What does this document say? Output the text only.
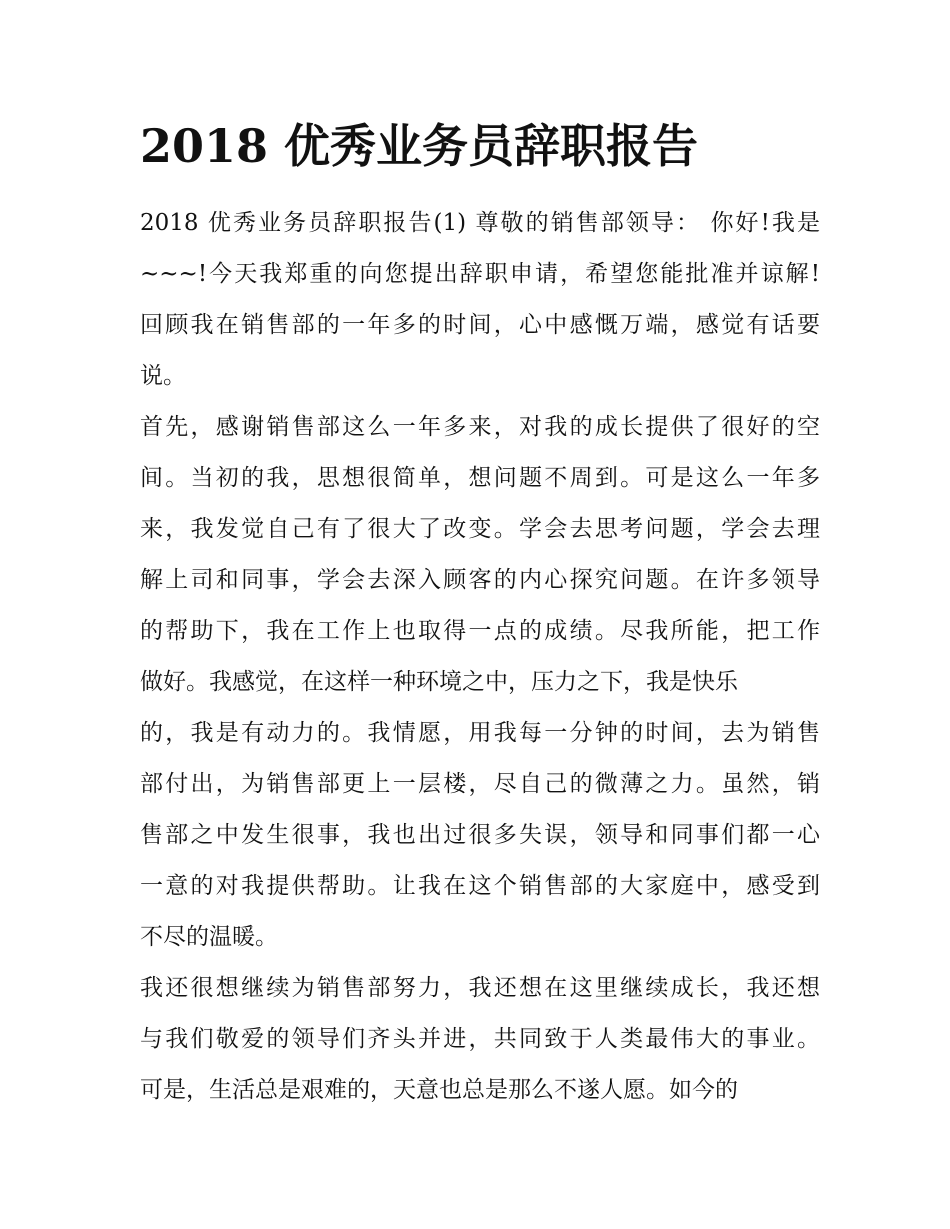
2018 优秀业务员辞职报告
2018 优秀业务员辞职报告(1) 尊敬的销售部领导： 你好!我是
~~~!今天我郑重的向您提出辞职申请，希望您能批准并谅解!
回顾我在销售部的一年多的时间，心中感慨万端，感觉有话要
说。
首先，感谢销售部这么一年多来，对我的成长提供了很好的空
间。当初的我，思想很简单，想问题不周到。可是这么一年多
来，我发觉自己有了很大了改变。学会去思考问题，学会去理
解上司和同事，学会去深入顾客的内心探究问题。在许多领导
的帮助下，我在工作上也取得一点的成绩。尽我所能，把工作
做好。我感觉，在这样一种环境之中，压力之下，我是快乐
的，我是有动力的。我情愿，用我每一分钟的时间，去为销售
部付出，为销售部更上一层楼，尽自己的微薄之力。虽然，销
售部之中发生很事，我也出过很多失误，领导和同事们都一心
一意的对我提供帮助。让我在这个销售部的大家庭中，感受到
不尽的温暖。
我还很想继续为销售部努力，我还想在这里继续成长，我还想
与我们敬爱的领导们齐头并进，共同致于人类最伟大的事业。
可是，生活总是艰难的，天意也总是那么不遂人愿。如今的
